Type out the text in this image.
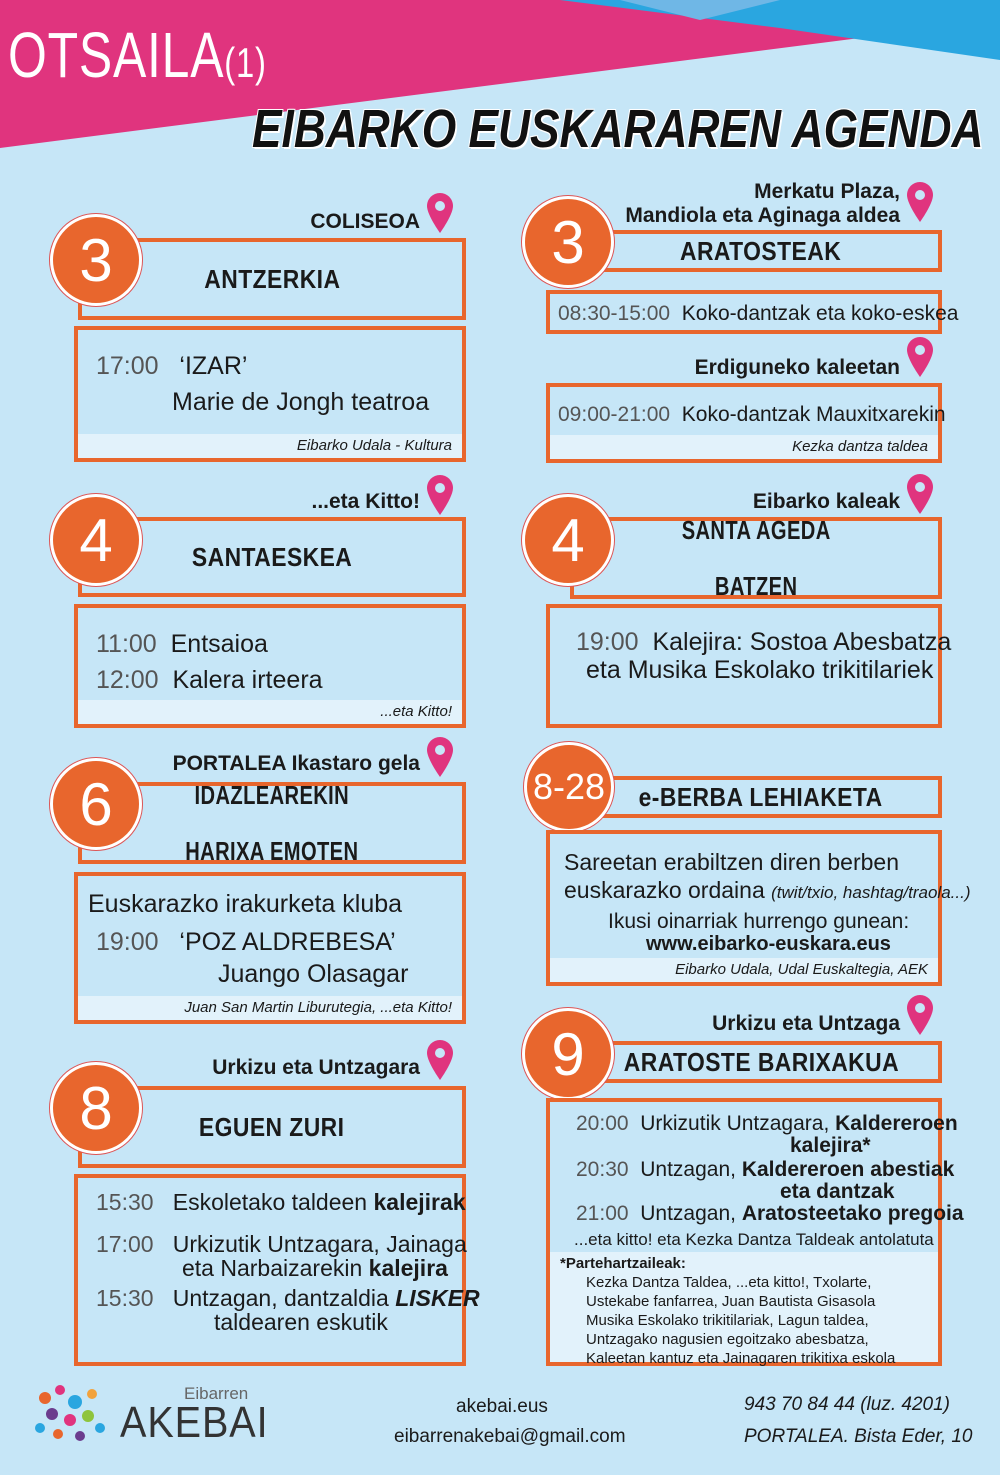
OTSAILA(1)
EIBARKO EUSKARAREN AGENDA
COLISEOA
ANTZERKIA
3
17:00 ‘IZAR’
Marie de Jongh teatroa
Eibarko Udala - Kultura
...eta Kitto!
SANTAESKEA
4
11:00 Entsaioa
12:00 Kalera irteera
...eta Kitto!
PORTALEA Ikastaro gela
IDAZLEAREKIN

HARIXA EMOTEN
6
Euskarazko irakurketa kluba
19:00 ‘POZ ALDREBESA’
Juango Olasagar
Juan San Martin Liburutegia, ...eta Kitto!
Urkizu eta Untzagara
EGUEN ZURI
8
15:30 Eskoletako taldeen kalejirak
17:00 Urkizutik Untzagara, Jainaga
eta Narbaizarekin kalejira
15:30 Untzagan, dantzaldia LISKER
taldearen eskutik
Merkatu Plaza,
Mandiola eta Aginaga aldea
ARATOSTEAK
3
08:30-15:00 Koko-dantzak eta koko-eskea
Erdiguneko kaleetan
09:00-21:00 Koko-dantzak Mauxitxarekin
Kezka dantza taldea
Eibarko kaleak
SANTA AGEDA

BATZEN
4
19:00 Kalejira: Sostoa Abesbatza
eta Musika Eskolako trikitilariek
e-BERBA LEHIAKETA
8-28
Sareetan erabiltzen diren berben
euskarazko ordaina (twit/txio, hashtag/traola...)
Ikusi oinarriak hurrengo gunean:
www.eibarko-euskara.eus
Eibarko Udala, Udal Euskaltegia, AEK
Urkizu eta Untzaga
ARATOSTE BARIXAKUA
9
20:00 Urkizutik Untzagara, Kaldereroen
kalejira*
20:30 Untzagan, Kaldereroen abestiak
eta dantzak
21:00 Untzagan, Aratosteetako pregoia
...eta kitto! eta Kezka Dantza Taldeak antolatuta
*Partehartzaileak:
Kezka Dantza Taldea, ...eta kitto!, Txolarte,
Ustekabe fanfarrea, Juan Bautista Gisasola
Musika Eskolako trikitilariak, Lagun taldea,
Untzagako nagusien egoitzako abesbatza,
Kaleetan kantuz eta Jainagaren trikitixa eskola
Eibarren
AKEBAI	akebai.eus
eibarrenakebai@gmail.com
943 70 84 44 (luz. 4201)
PORTALEA. Bista Eder, 10
